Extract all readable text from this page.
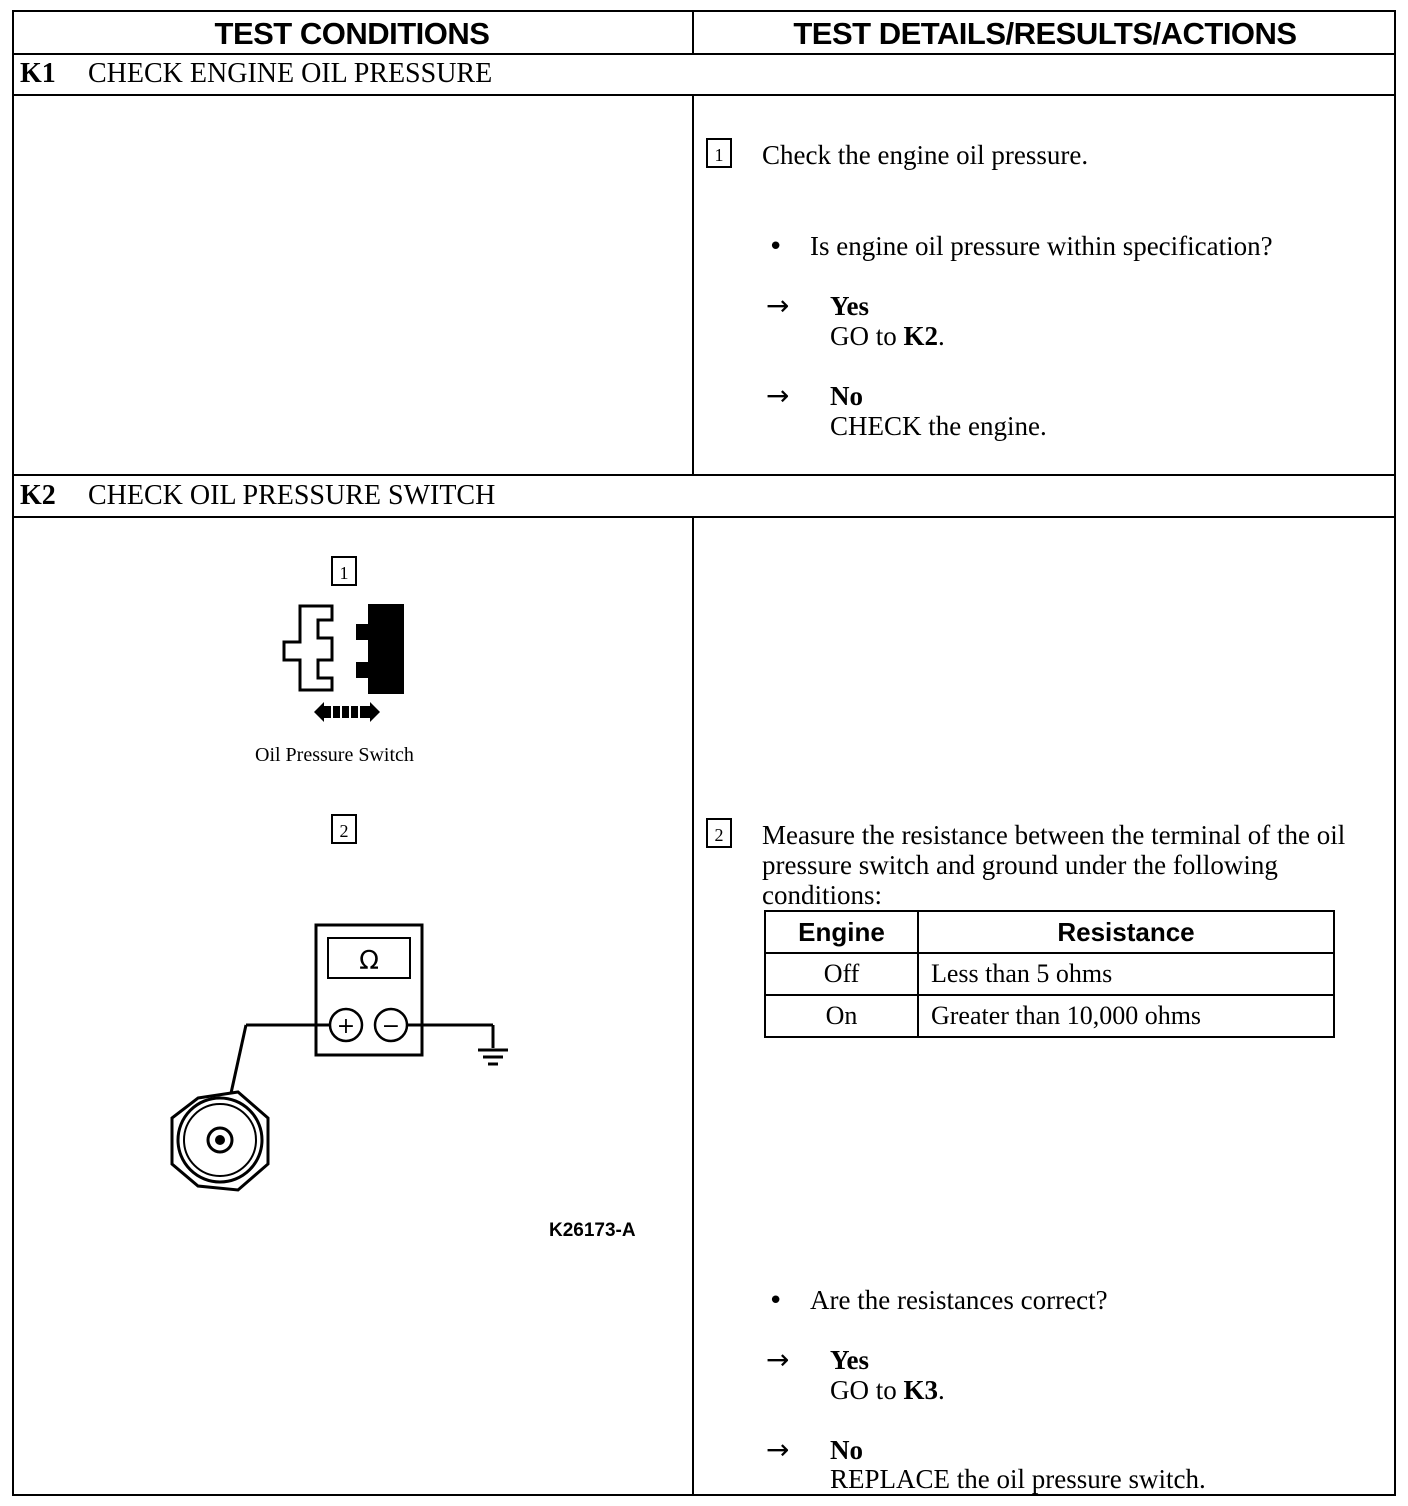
TEST CONDITIONS	TEST DETAILS/RESULTS/ACTIONS
K1 CHECK ENGINE OIL PRESSURE
1	Check the engine oil pressure.
• Is engine oil pressure within specification?
→ Yes
GO to K2.
→ No
CHECK the engine.
K2 CHECK OIL PRESSURE SWITCH
1
Oil Pressure Switch
2
Ω
+ −
K26173-A
2	Measure the resistance between the terminal of the oil pressure switch and ground under the following conditions:
Engine	Resistance
Off	Less than 5 ohms
On	Greater than 10,000 ohms
• Are the resistances correct?
→ Yes
GO to K3.
→ No
REPLACE the oil pressure switch.
